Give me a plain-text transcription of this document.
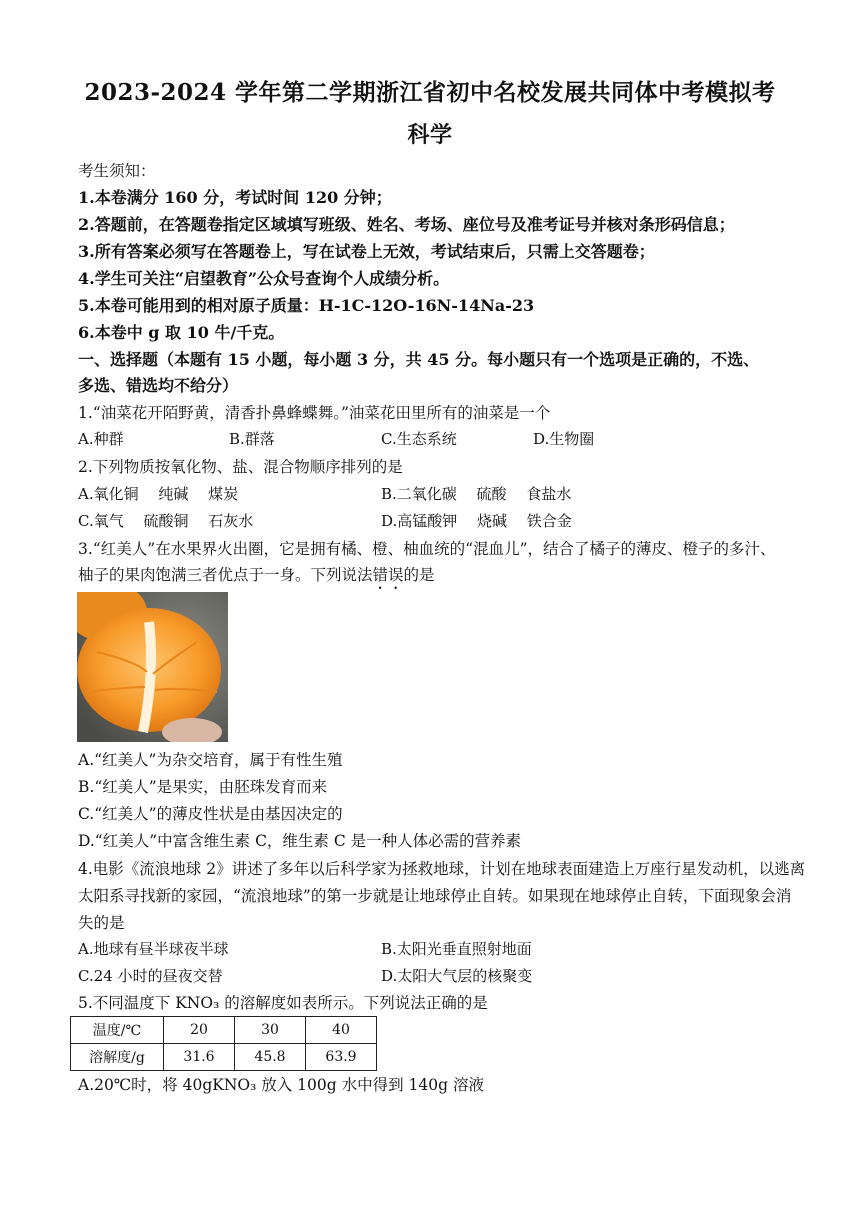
2023-2024 学年第二学期浙江省初中名校发展共同体中考模拟考
科学
考生须知：
1.本卷满分 160 分，考试时间 120 分钟；
2.答题前，在答题卷指定区域填写班级、姓名、考场、座位号及准考证号并核对条形码信息；
3.所有答案必须写在答题卷上，写在试卷上无效，考试结束后，只需上交答题卷；
4.学生可关注“启望教育”公众号查询个人成绩分析。
5.本卷可能用到的相对原子质量：H-1C-12O-16N-14Na-23
6.本卷中 g 取 10 牛/千克。
一、选择题（本题有 15 小题，每小题 3 分，共 45 分。每小题只有一个选项是正确的，不选、
多选、错选均不给分）
1.“油菜花开陌野黄，清香扑鼻蜂蝶舞。”油菜花田里所有的油菜是一个
A.种群	B.群落	C.生态系统	D.生物圈
2.下列物质按氧化物、盐、混合物顺序排列的是
A.氧化铜　 纯碱　 煤炭	B.二氧化碳　 硫酸　 食盐水
C.氧气　 硫酸铜　 石灰水	D.高锰酸钾　 烧碱　 铁合金
3.“红美人”在水果界火出圈，它是拥有橘、橙、柚血统的“混血儿”，结合了橘子的薄皮、橙子的多汁、
柚子的果肉饱满三者优点于一身。下列说法错误的是
A.“红美人”为杂交培育，属于有性生殖
B.“红美人”是果实，由胚珠发育而来
C.“红美人”的薄皮性状是由基因决定的
D.“红美人”中富含维生素 C，维生素 C 是一种人体必需的营养素
4.电影《流浪地球 2》讲述了多年以后科学家为拯救地球，计划在地球表面建造上万座行星发动机，以逃离
太阳系寻找新的家园，“流浪地球”的第一步就是让地球停止自转。如果现在地球停止自转，下面现象会消
失的是
A.地球有昼半球夜半球	B.太阳光垂直照射地面
C.24 小时的昼夜交替	D.太阳大气层的核聚变
5.不同温度下 KNO₃ 的溶解度如表所示。下列说法正确的是
温度/℃	20	30	40
溶解度/g	31.6	45.8	63.9
A.20℃时，将 40gKNO₃ 放入 100g 水中得到 140g 溶液
